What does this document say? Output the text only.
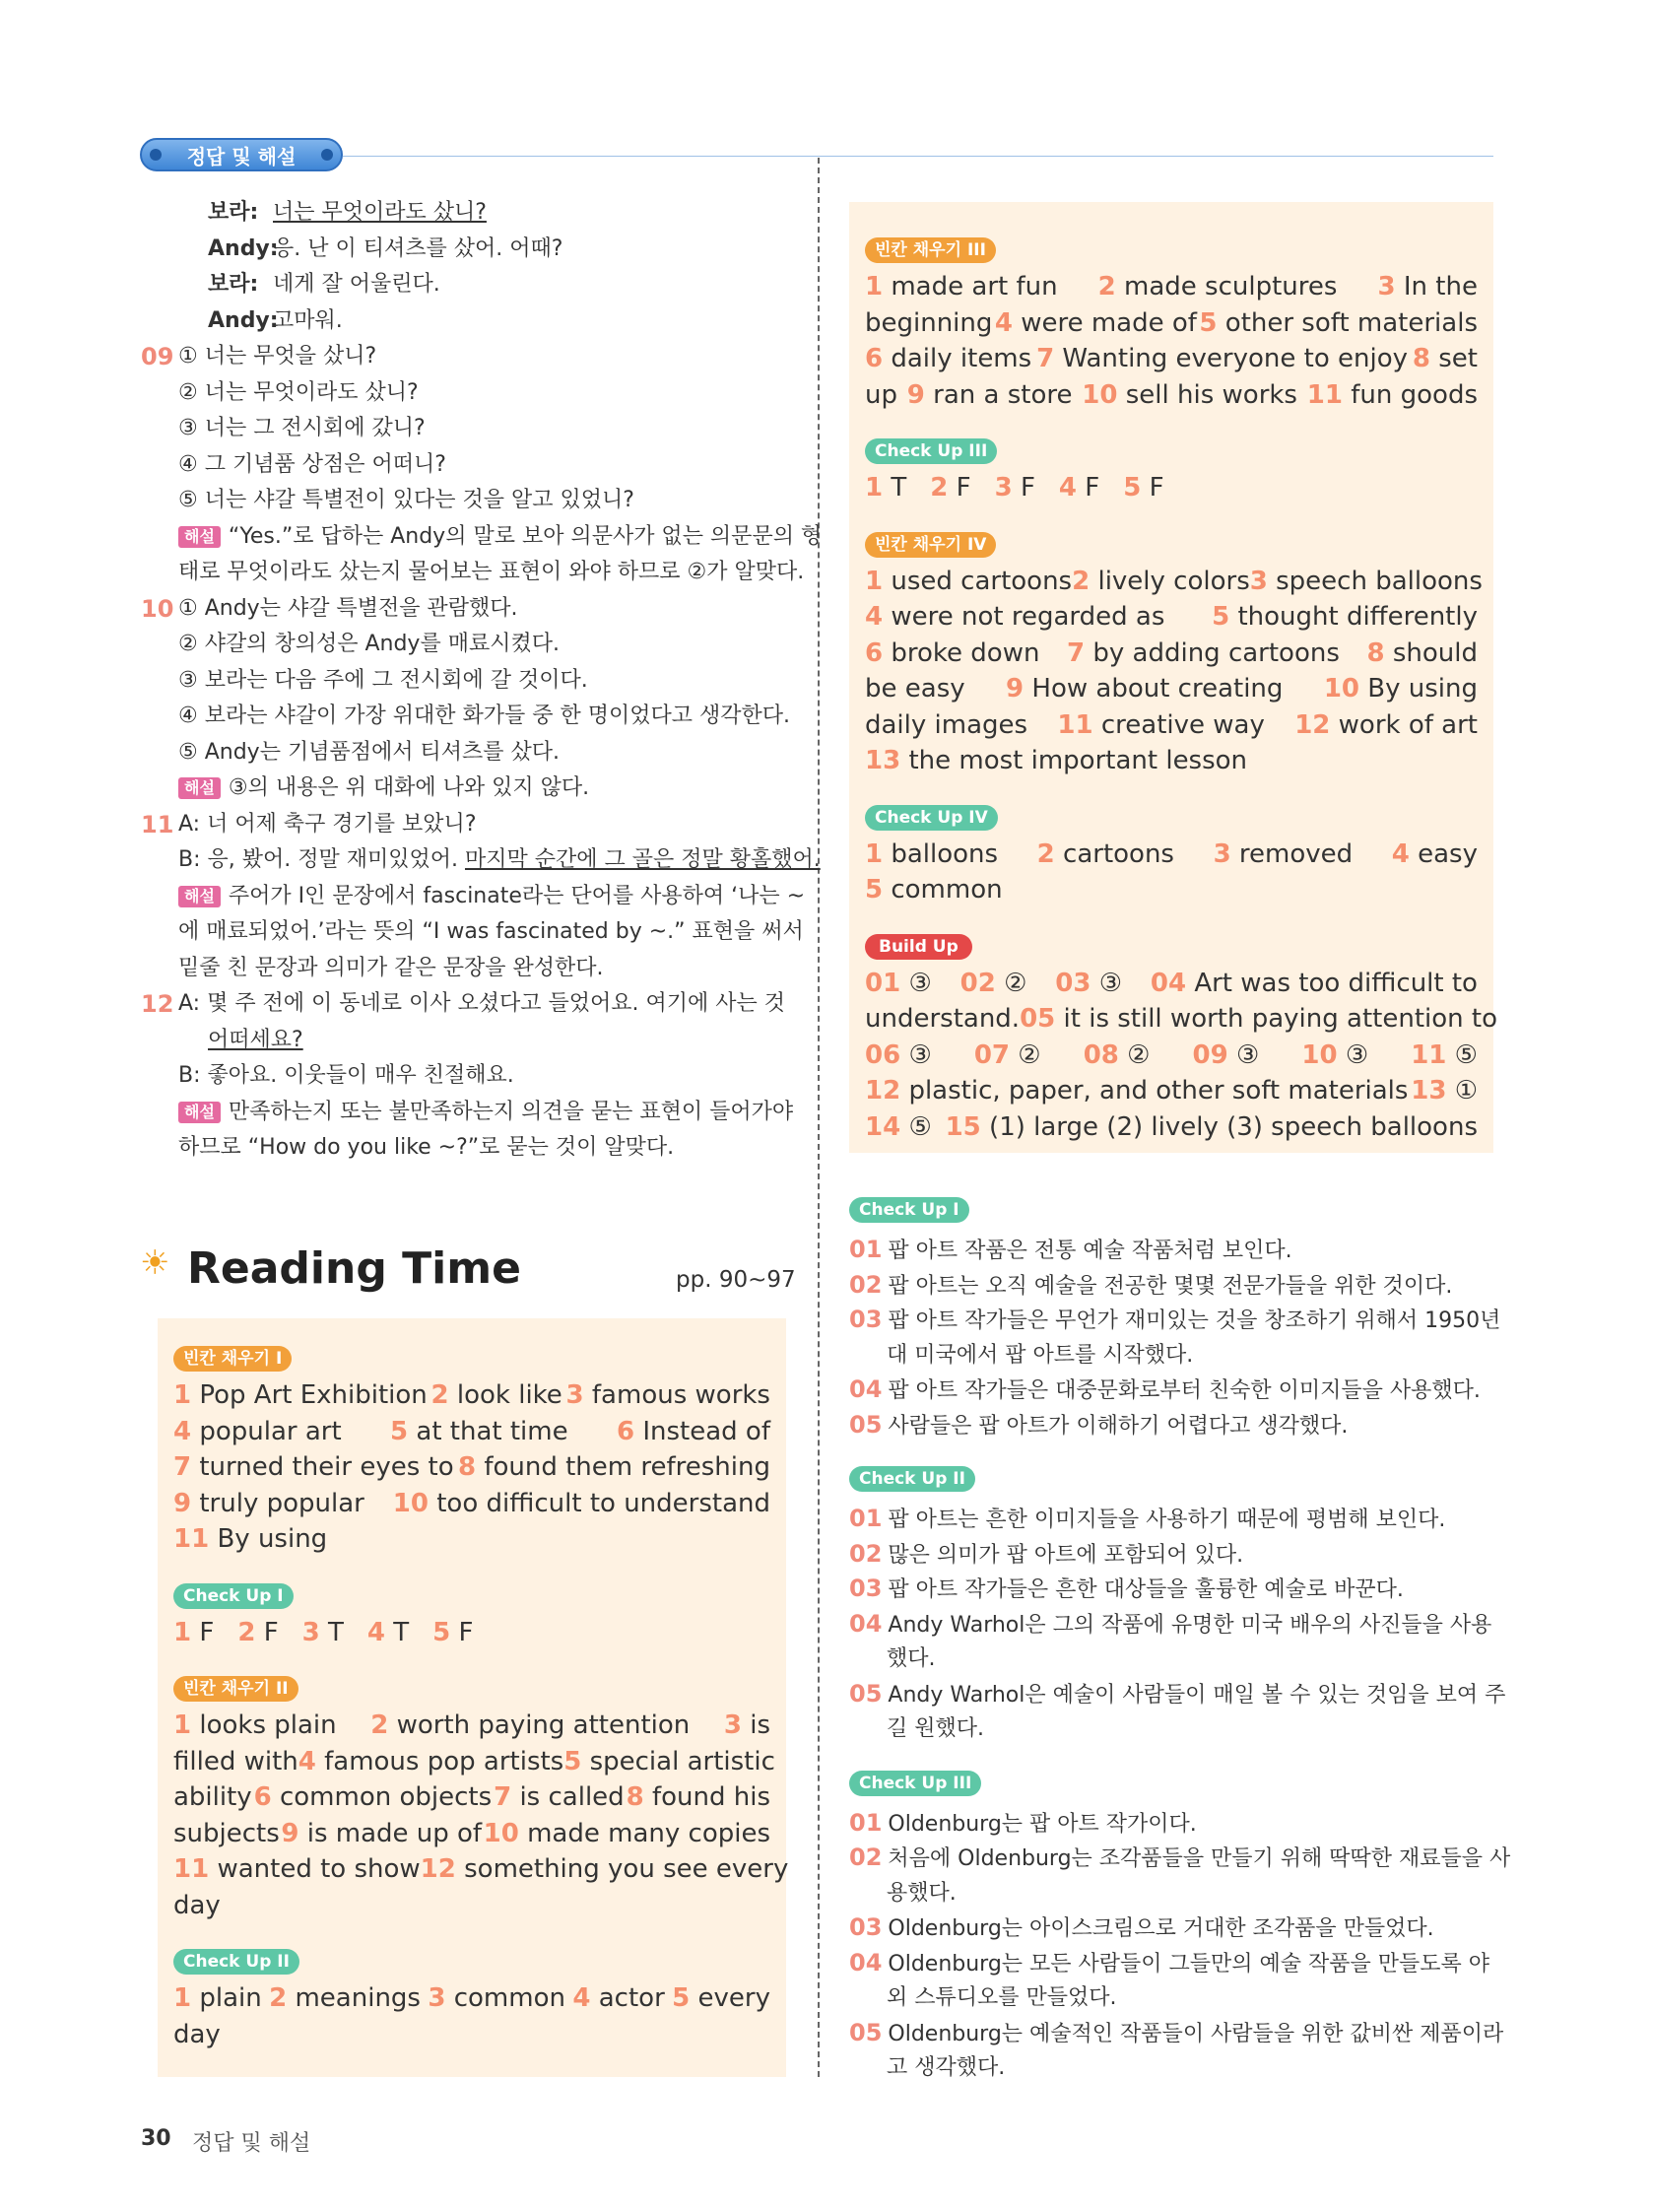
정답 및 해설
보라: 너는 무엇이라도 샀니?
Andy:응. 난 이 티셔츠를 샀어. 어때?
보라: 네게 잘 어울린다.
Andy:고마워.
09 ① 너는 무엇을 샀니?
② 너는 무엇이라도 샀니?
③ 너는 그 전시회에 갔니?
④ 그 기념품 상점은 어떠니?
⑤ 너는 샤갈 특별전이 있다는 것을 알고 있었니?
해설 “Yes.”로 답하는 Andy의 말로 보아 의문사가 없는 의문문의 형
태로 무엇이라도 샀는지 물어보는 표현이 와야 하므로 ②가 알맞다.
10 ① Andy는 샤갈 특별전을 관람했다.
② 샤갈의 창의성은 Andy를 매료시켰다.
③ 보라는 다음 주에 그 전시회에 갈 것이다.
④ 보라는 샤갈이 가장 위대한 화가들 중 한 명이었다고 생각한다.
⑤ Andy는 기념품점에서 티셔츠를 샀다.
해설 ③의 내용은 위 대화에 나와 있지 않다.
11 A: 너 어제 축구 경기를 보았니?
B: 응, 봤어. 정말 재미있었어. 마지막 순간에 그 골은 정말 황홀했어.
해설 주어가 I인 문장에서 fascinate라는 단어를 사용하여 ‘나는 ~
에 매료되었어.’라는 뜻의 “I was fascinated by ~.” 표현을 써서
밑줄 친 문장과 의미가 같은 문장을 완성한다.
12 A: 몇 주 전에 이 동네로 이사 오셨다고 들었어요. 여기에 사는 것
어떠세요?
B: 좋아요. 이웃들이 매우 친절해요.
해설 만족하는지 또는 불만족하는지 의견을 묻는 표현이 들어가야
하므로 “How do you like ~?”로 묻는 것이 알맞다.
☀ Reading Time	pp. 90~97
빈칸 채우기 I
1 Pop Art Exhibition 2 look like 3 famous works
4 popular art 5 at that time 6 Instead of
7 turned their eyes to 8 found them refreshing
9 truly popular 10 too difficult to understand
11 By using
Check Up I
1 F 2 F 3 T 4 T 5 F
빈칸 채우기 II
1 looks plain 2 worth paying attention 3 is
filled with 4 famous pop artists 5 special artistic
ability 6 common objects 7 is called 8 found his
subjects 9 is made up of 10 made many copies
11 wanted to show 12 something you see every
day
Check Up II
1 plain 2 meanings 3 common 4 actor 5 every
day
빈칸 채우기 III
1 made art fun 2 made sculptures 3 In the
beginning 4 were made of 5 other soft materials
6 daily items 7 Wanting everyone to enjoy 8 set
up 9 ran a store 10 sell his works 11 fun goods
Check Up III
1 T 2 F 3 F 4 F 5 F
빈칸 채우기 IV
1 used cartoons 2 lively colors 3 speech balloons
4 were not regarded as 5 thought differently
6 broke down 7 by adding cartoons 8 should
be easy 9 How about creating 10 By using
daily images 11 creative way 12 work of art
13 the most important lesson
Check Up IV
1 balloons 2 cartoons 3 removed 4 easy
5 common
Build Up
01 ③ 02 ② 03 ③ 04 Art was too difficult to
understand. 05 it is still worth paying attention to
06 ③ 07 ② 08 ② 09 ③ 10 ③ 11 ⑤
12 plastic, paper, and other soft materials 13 ①
14 ⑤ 15 (1) large (2) lively (3) speech balloons
Check Up I
01 팝 아트 작품은 전통 예술 작품처럼 보인다.
02 팝 아트는 오직 예술을 전공한 몇몇 전문가들을 위한 것이다.
03 팝 아트 작가들은 무언가 재미있는 것을 창조하기 위해서 1950년
대 미국에서 팝 아트를 시작했다.
04 팝 아트 작가들은 대중문화로부터 친숙한 이미지들을 사용했다.
05 사람들은 팝 아트가 이해하기 어렵다고 생각했다.
Check Up II
01 팝 아트는 흔한 이미지들을 사용하기 때문에 평범해 보인다.
02 많은 의미가 팝 아트에 포함되어 있다.
03 팝 아트 작가들은 흔한 대상들을 훌륭한 예술로 바꾼다.
04 Andy Warhol은 그의 작품에 유명한 미국 배우의 사진들을 사용
했다.
05 Andy Warhol은 예술이 사람들이 매일 볼 수 있는 것임을 보여 주
길 원했다.
Check Up III
01 Oldenburg는 팝 아트 작가이다.
02 처음에 Oldenburg는 조각품들을 만들기 위해 딱딱한 재료들을 사
용했다.
03 Oldenburg는 아이스크림으로 거대한 조각품을 만들었다.
04 Oldenburg는 모든 사람들이 그들만의 예술 작품을 만들도록 야
외 스튜디오를 만들었다.
05 Oldenburg는 예술적인 작품들이 사람들을 위한 값비싼 제품이라
고 생각했다.
30 정답 및 해설
